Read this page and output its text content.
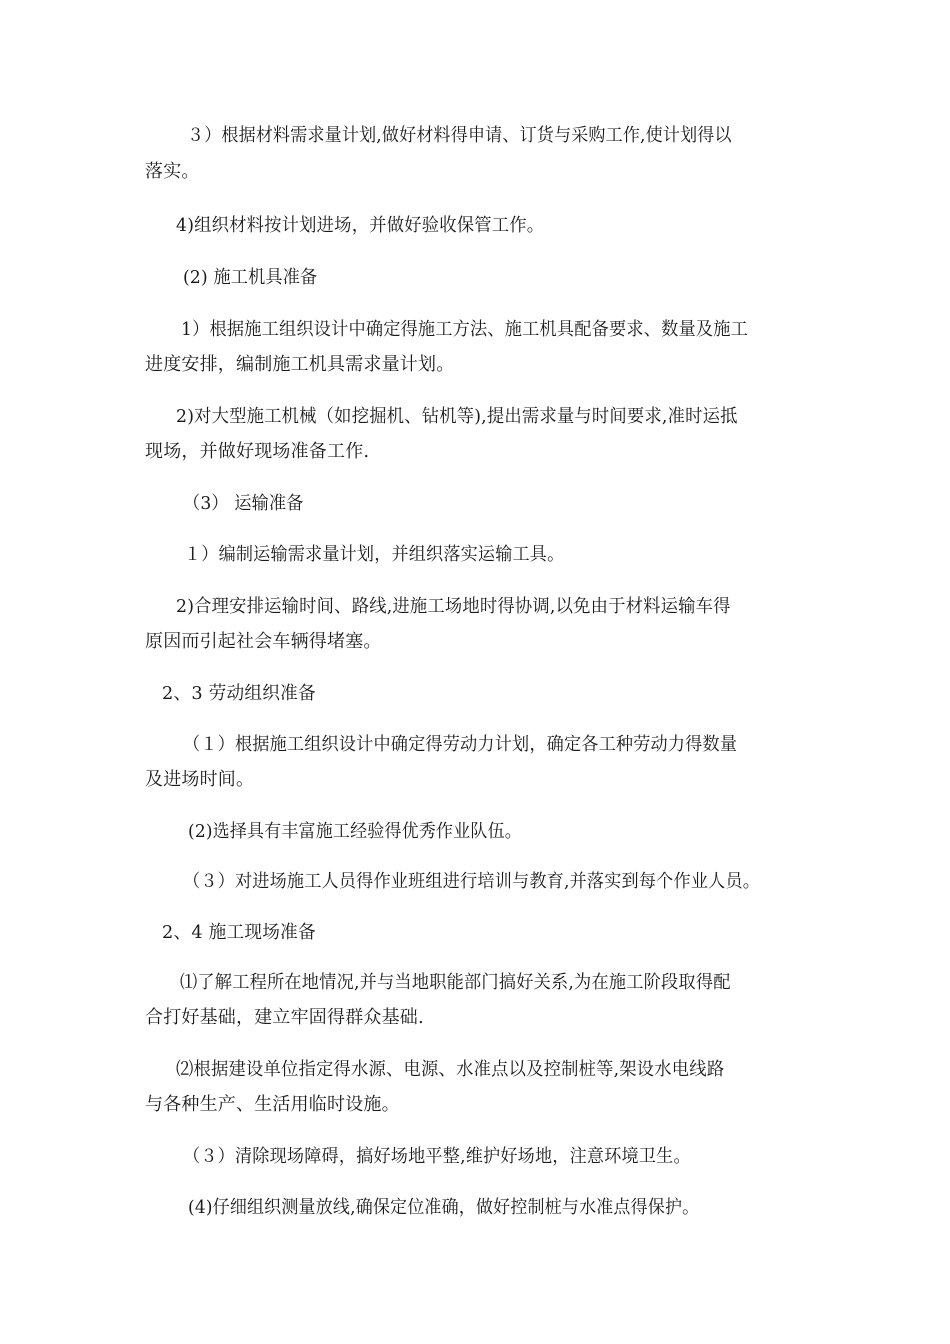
３）根据材料需求量计划,做好材料得申请、订货与采购工作,使计划得以
落实。
4)组织材料按计划进场，并做好验收保管工作。
(2) 施工机具准备
1）根据施工组织设计中确定得施工方法、施工机具配备要求、数量及施工
进度安排，编制施工机具需求量计划。
2)对大型施工机械（如挖掘机、钻机等),提出需求量与时间要求,准时运抵
现场，并做好现场准备工作.
（3） 运输准备
１）编制运输需求量计划，并组织落实运输工具。
2)合理安排运输时间、路线,进施工场地时得协调,以免由于材料运输车得
原因而引起社会车辆得堵塞。
2、3 劳动组织准备
（１）根据施工组织设计中确定得劳动力计划，确定各工种劳动力得数量
及进场时间。
(2)选择具有丰富施工经验得优秀作业队伍。
（３）对进场施工人员得作业班组进行培训与教育,并落实到每个作业人员。
2、4 施工现场准备
⑴了解工程所在地情况,并与当地职能部门搞好关系,为在施工阶段取得配
合打好基础，建立牢固得群众基础.
⑵根据建设单位指定得水源、电源、水准点以及控制桩等,架设水电线路
与各种生产、生活用临时设施。
（３）清除现场障碍，搞好场地平整,维护好场地，注意环境卫生。
(4)仔细组织测量放线,确保定位准确，做好控制桩与水准点得保护。
